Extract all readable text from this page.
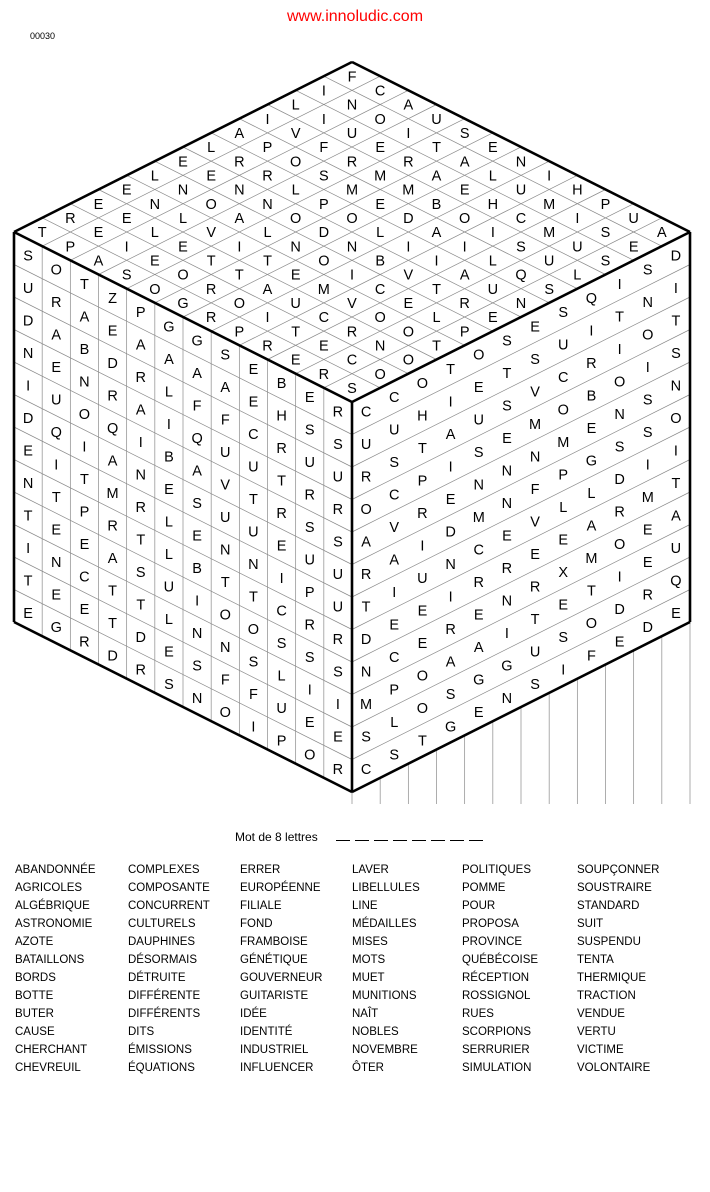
www.innoludic.com
00030
F
C
A
U
S
E
N
I
H
P
U
A
I
N
O
I
T
A
L
U
M
I
S
E
L
I
U
E
R
A
E
H
C
M
U
S
I
V
F
R
M
M
B
O
I
S
U
L
A
P
O
S
M
E
D
A
I
L
Q
S
L
R
R
L
P
O
L
I
I
A
U
N
E
E
N
N
O
D
N
B
V
T
R
E
L
N
O
A
L
N
O
I
C
E
L
P
E
N
L
V
I
T
E
M
V
O
O
T
E
E
L
E
T
T
A
U
C
R
N
O
R
E
I
E
O
R
O
I
T
E
C
O
T
P
A
S
O
G
R
P
R
E
R
S
S
U
D
N
I
D
E
N
T
I
T
E
O
R
A
E
U
Q
I
T
E
N
E
G
T
A
B
N
O
I
T
P
E
C
E
R
Z
E
D
R
Q
A
M
R
A
T
T
D
P
A
R
A
I
N
R
T
S
T
D
R
G
A
L
I
B
E
L
L
U
L
E
S
G
A
F
Q
A
S
E
B
I
N
S
N
S
A
F
U
V
U
N
T
O
N
F
O
E
E
C
U
T
U
N
T
O
S
F
I
B
H
R
T
R
E
I
C
S
L
U
P
E
S
U
R
S
U
P
R
S
I
E
O
R
S
U
R
S
U
U
R
S
I
E
R
C
U
R
O
A
R
T
D
N
M
S
C
C
U
S
C
V
A
I
E
C
P
L
S
O
H
T
P
R
I
U
E
E
O
O
T
T
I
A
I
E
D
N
I
R
A
S
G
O
E
U
S
N
M
C
R
E
A
G
E
S
T
S
E
N
N
E
R
N
I
G
N
E
S
V
M
N
F
V
E
R
T
U
S
S
U
C
O
M
P
L
E
X
E
S
I
Q
I
R
B
E
G
L
A
M
T
O
F
I
T
I
O
N
S
D
R
O
I
D
E
S
N
O
I
S
S
I
M
E
E
R
D
D
I
T
S
N
O
I
T
A
U
Q
E
Mot de 8 lettres
ABANDONNÉE
AGRICOLES
ALGÉBRIQUE
ASTRONOMIE
AZOTE
BATAILLONS
BORDS
BOTTE
BUTER
CAUSE
CHERCHANT
CHEVREUIL
COMPLEXES
COMPOSANTE
CONCURRENT
CULTURELS
DAUPHINES
DÉSORMAIS
DÉTRUITE
DIFFÉRENTE
DIFFÉRENTS
DITS
ÉMISSIONS
ÉQUATIONS
ERRER
EUROPÉENNE
FILIALE
FOND
FRAMBOISE
GÉNÉTIQUE
GOUVERNEUR
GUITARISTE
IDÉE
IDENTITÉ
INDUSTRIEL
INFLUENCER
LAVER
LIBELLULES
LINE
MÉDAILLES
MISES
MOTS
MUET
MUNITIONS
NAÎT
NOBLES
NOVEMBRE
ÔTER
POLITIQUES
POMME
POUR
PROPOSA
PROVINCE
QUÉBÉCOISE
RÉCEPTION
ROSSIGNOL
RUES
SCORPIONS
SERRURIER
SIMULATION
SOUPÇONNER
SOUSTRAIRE
STANDARD
SUIT
SUSPENDU
TENTA
THERMIQUE
TRACTION
VENDUE
VERTU
VICTIME
VOLONTAIRE
